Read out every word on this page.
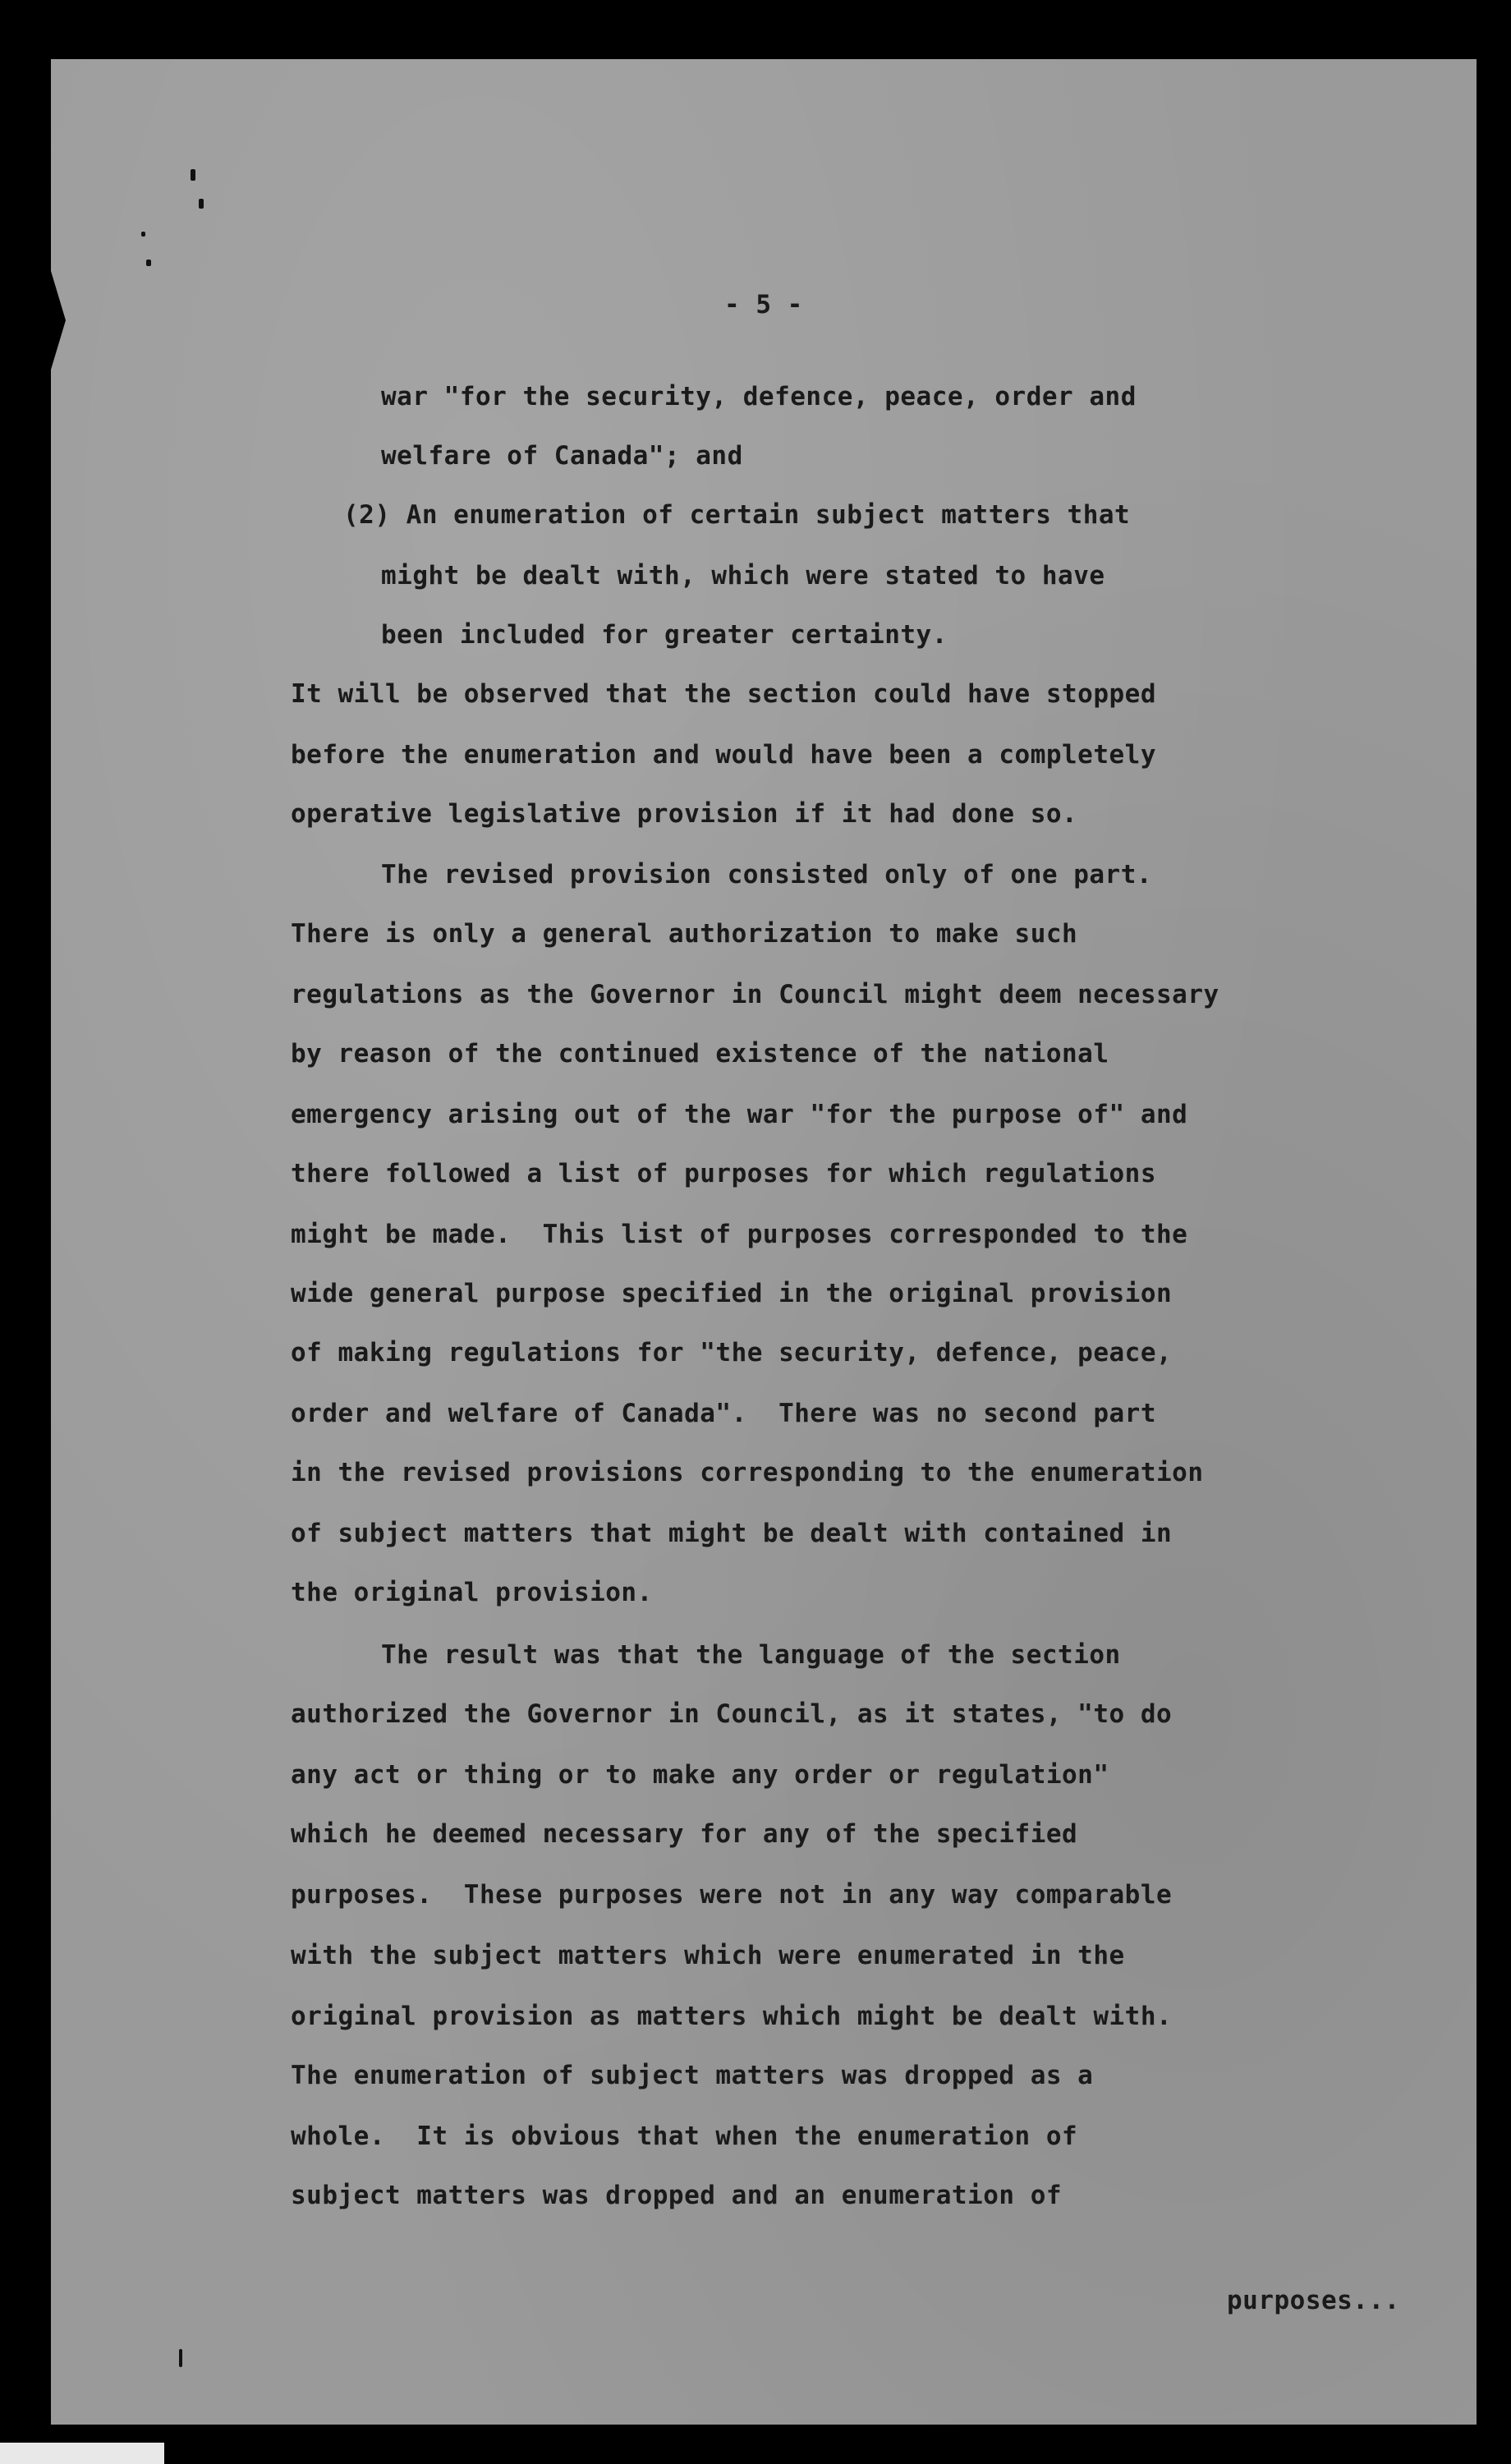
- 5 -
war "for the security, defence, peace, order and
welfare of Canada"; and
(2) An enumeration of certain subject matters that
might be dealt with, which were stated to have
been included for greater certainty.
It will be observed that the section could have stopped
before the enumeration and would have been a completely
operative legislative provision if it had done so.
The revised provision consisted only of one part.
There is only a general authorization to make such
regulations as the Governor in Council might deem necessary
by reason of the continued existence of the national
emergency arising out of the war "for the purpose of" and
there followed a list of purposes for which regulations
might be made.  This list of purposes corresponded to the
wide general purpose specified in the original provision
of making regulations for "the security, defence, peace,
order and welfare of Canada".  There was no second part
in the revised provisions corresponding to the enumeration
of subject matters that might be dealt with contained in
the original provision.
The result was that the language of the section
authorized the Governor in Council, as it states, "to do
any act or thing or to make any order or regulation"
which he deemed necessary for any of the specified
purposes.  These purposes were not in any way comparable
with the subject matters which were enumerated in the
original provision as matters which might be dealt with.
The enumeration of subject matters was dropped as a
whole.  It is obvious that when the enumeration of
subject matters was dropped and an enumeration of
purposes...
